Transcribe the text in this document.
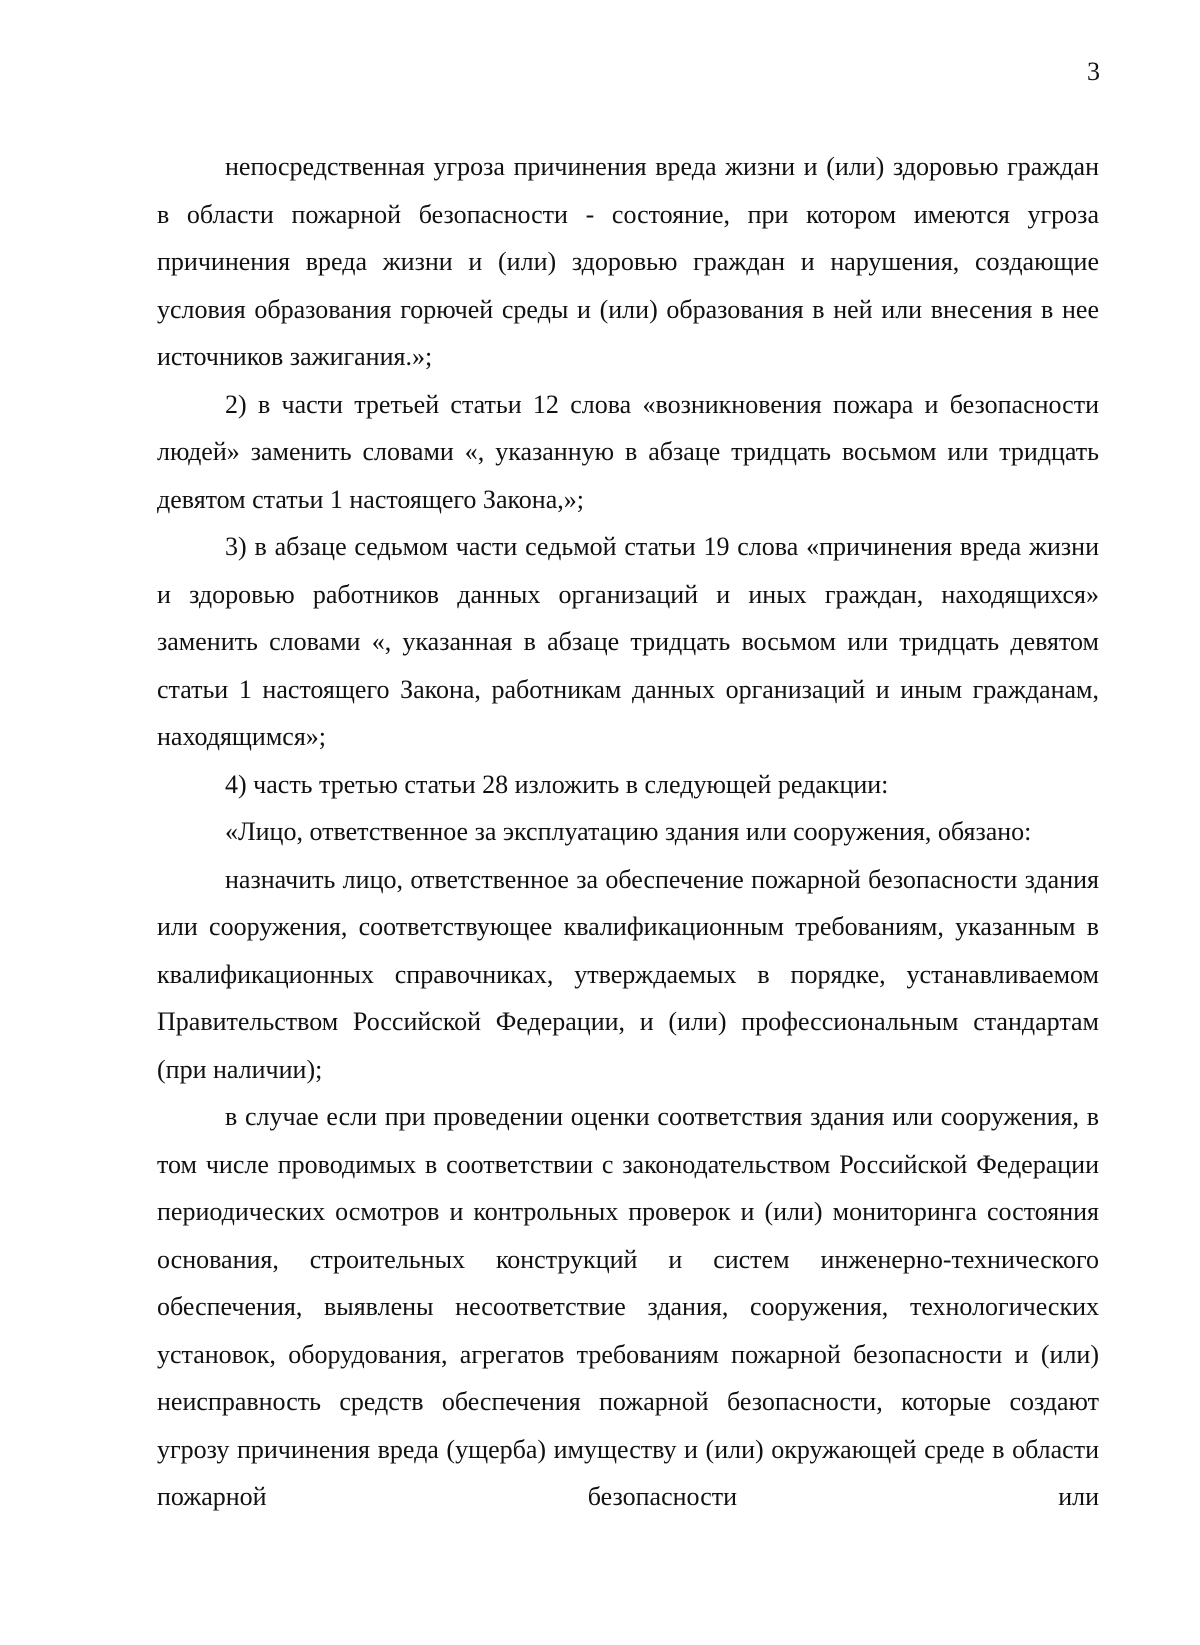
3

непосредственная угроза причинения вреда жизни и (или) здоровью граждан в области пожарной безопасности - состояние, при котором имеются угроза причинения вреда жизни и (или) здоровью граждан и нарушения, создающие условия образования горючей среды и (или) образования в ней или внесения в нее источников зажигания.»;

2) в части третьей статьи 12 слова «возникновения пожара и безопасности людей» заменить словами «, указанную в абзаце тридцать восьмом или тридцать девятом статьи 1 настоящего Закона,»;

3) в абзаце седьмом части седьмой статьи 19 слова «причинения вреда жизни и здоровью работников данных организаций и иных граждан, находящихся» заменить словами «, указанная в абзаце тридцать восьмом или тридцать девятом статьи 1 настоящего Закона, работникам данных организаций и иным гражданам, находящимся»;

4) часть третью статьи 28 изложить в следующей редакции:

«Лицо, ответственное за эксплуатацию здания или сооружения, обязано:

назначить лицо, ответственное за обеспечение пожарной безопасности здания или сооружения, соответствующее квалификационным требованиям, указанным в квалификационных справочниках, утверждаемых в порядке, устанавливаемом Правительством Российской Федерации, и (или) профессиональным стандартам (при наличии);

в случае если при проведении оценки соответствия здания или сооружения, в том числе проводимых в соответствии с законодательством Российской Федерации периодических осмотров и контрольных проверок и (или) мониторинга состояния основания, строительных конструкций и систем инженерно-технического обеспечения, выявлены несоответствие здания, сооружения, технологических установок, оборудования, агрегатов требованиям пожарной безопасности и (или) неисправность средств обеспечения пожарной безопасности, которые создают угрозу причинения вреда (ущерба) имуществу и (или) окружающей среде в области пожарной безопасности или
